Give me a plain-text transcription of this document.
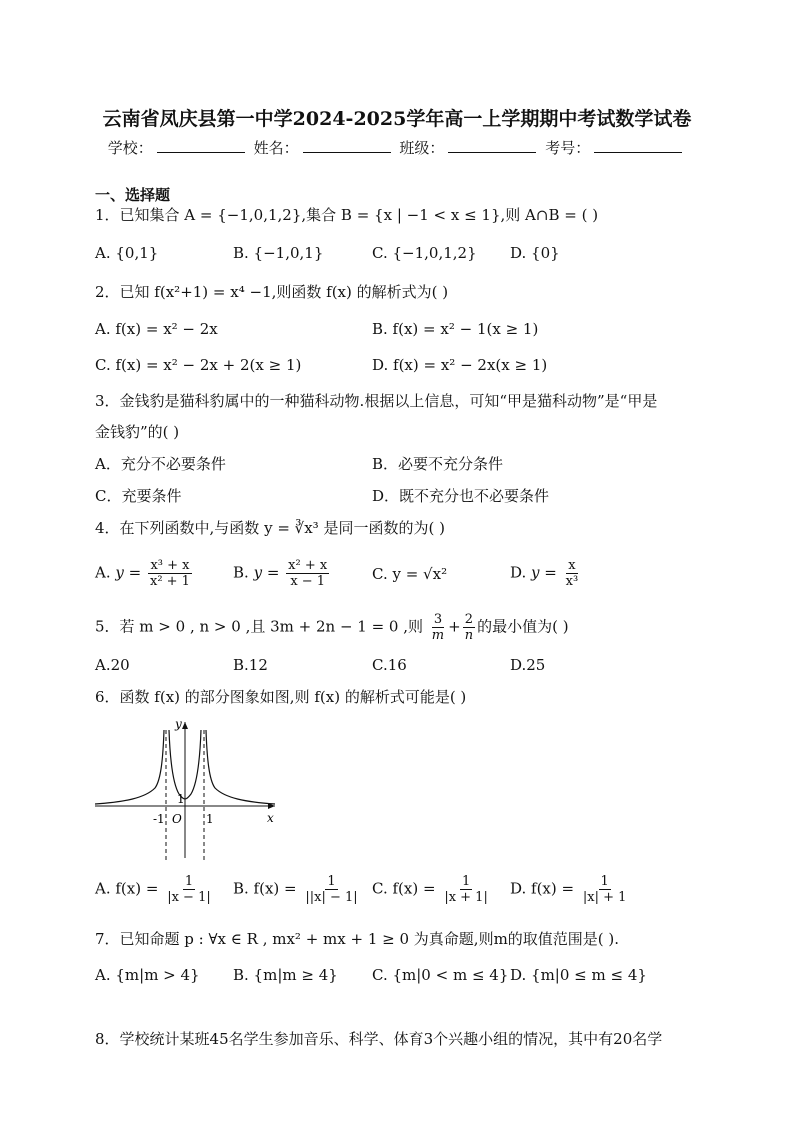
云南省凤庆县第一中学2024-2025学年高一上学期期中考试数学试卷
学校：	姓名：	班级：	考号：
一、选择题
1．已知集合 A = {−1,0,1,2},集合 B = {x | −1 < x ≤ 1},则 A∩B = ( )
A. {0,1}	B. {−1,0,1}	C. {−1,0,1,2} D. {0}
2．已知 f(x²+1) = x⁴ −1,则函数 f(x) 的解析式为( )
A. f(x) = x² − 2x	B. f(x) = x² − 1(x ≥ 1)
C. f(x) = x² − 2x + 2(x ≥ 1)	D. f(x) = x² − 2x(x ≥ 1)
3．金钱豹是猫科豹属中的一种猫科动物.根据以上信息，可知“甲是猫科动物”是“甲是
金钱豹”的( )
A．充分不必要条件	B．必要不充分条件
C．充要条件	D．既不充分也不必要条件
4．在下列函数中,与函数 y = ∛x³ 是同一函数的为( )
A. $y = \frac{\text{x³ + x}}{\text{x² + 1}}$	B. $y = \frac{\text{x² + x}}{x - 1}$	C. y = √x²	D. $y = \frac{x}{\text{x³}}$
5．若 m > 0 , n > 0 ,且 3m + 2n − 1 = 0 ,则 $\frac{3}{m} + \frac{2}{n}$ 的最小值为( )
A.20	B.12	C.16	D.25
6．函数 f(x) 的部分图象如图,则 f(x) 的解析式可能是( )
y
x
O
-1	1
1
A. $f(x) = \frac{1}{|x - 1|} B$. $f(x) = \frac{1}{||x| - 1|} C$. $f(x) = \frac{1}{|x + 1|} D$. $f(x) = \frac{1}{|x| + 1}$
7．已知命题 p : ∀x ∈ R , mx² + mx + 1 ≥ 0 为真命题,则m的取值范围是( ).
A. {m|m > 4} B. {m|m ≥ 4} C. {m|0 < m ≤ 4} D. {m|0 ≤ m ≤ 4}
8．学校统计某班45名学生参加音乐、科学、体育3个兴趣小组的情况，其中有20名学
